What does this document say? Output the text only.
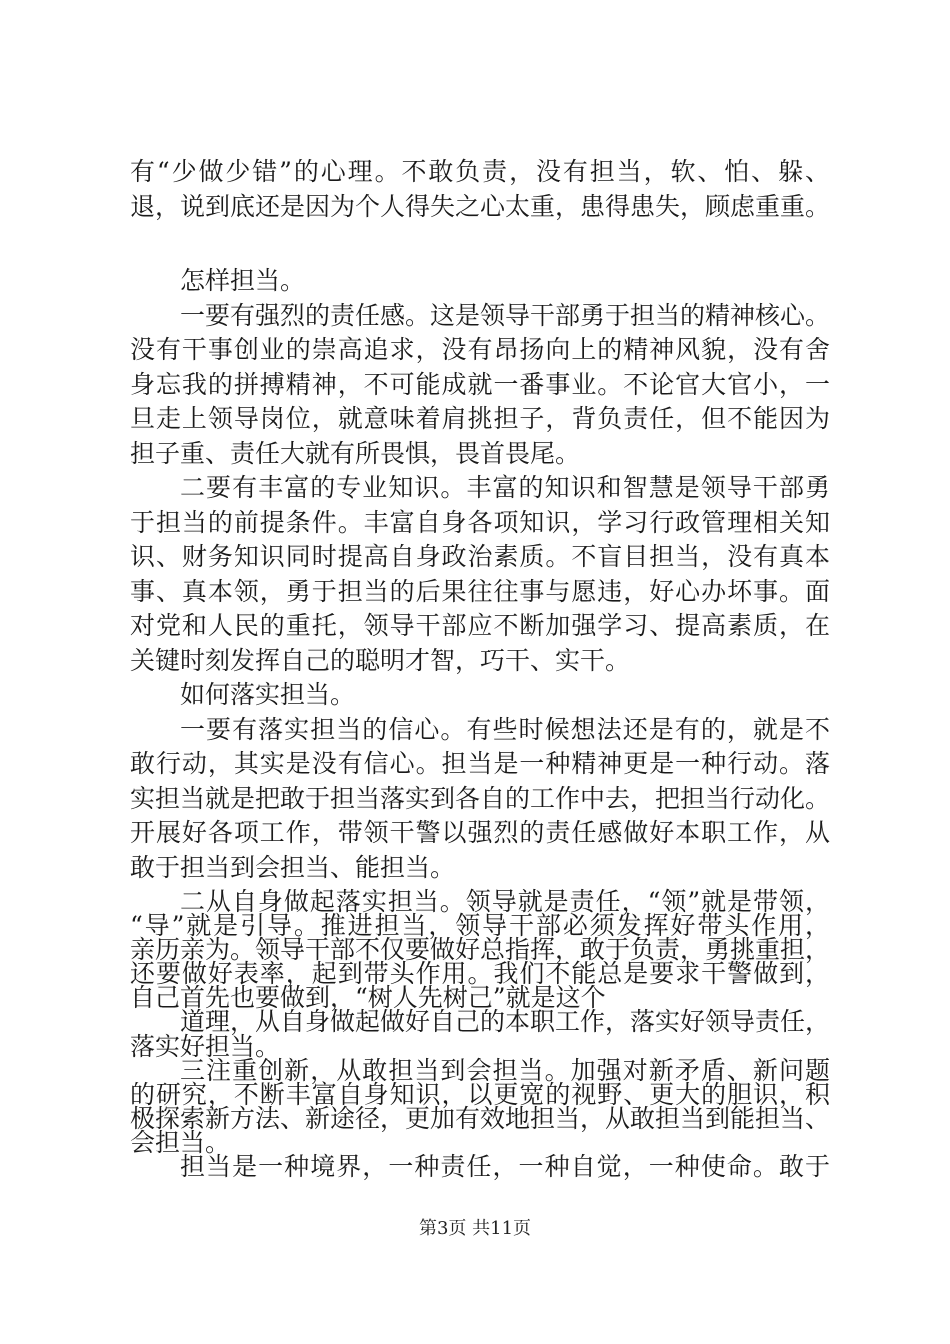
有“少做少错”的心理。不敢负责，没有担当，软、怕、躲、
退，说到底还是因为个人得失之心太重，患得患失，顾虑重重。
怎样担当。
一要有强烈的责任感。这是领导干部勇于担当的精神核心。
没有干事创业的崇高追求，没有昂扬向上的精神风貌，没有舍
身忘我的拼搏精神，不可能成就一番事业。不论官大官小，一
旦走上领导岗位，就意味着肩挑担子，背负责任，但不能因为
担子重、责任大就有所畏惧，畏首畏尾。
二要有丰富的专业知识。丰富的知识和智慧是领导干部勇
于担当的前提条件。丰富自身各项知识，学习行政管理相关知
识、财务知识同时提高自身政治素质。不盲目担当，没有真本
事、真本领，勇于担当的后果往往事与愿违，好心办坏事。面
对党和人民的重托，领导干部应不断加强学习、提高素质，在
关键时刻发挥自己的聪明才智，巧干、实干。
如何落实担当。
一要有落实担当的信心。有些时候想法还是有的，就是不
敢行动，其实是没有信心。担当是一种精神更是一种行动。落
实担当就是把敢于担当落实到各自的工作中去，把担当行动化。
开展好各项工作，带领干警以强烈的责任感做好本职工作，从
敢于担当到会担当、能担当。
二从自身做起落实担当。领导就是责任，“领”就是带领，
“导”就是引导。推进担当，领导干部必须发挥好带头作用，
亲历亲为。领导干部不仅要做好总指挥，敢于负责，勇挑重担，
还要做好表率，起到带头作用。我们不能总是要求干警做到，
自己首先也要做到，“树人先树己”就是这个
道理，从自身做起做好自己的本职工作，落实好领导责任，
落实好担当。
三注重创新，从敢担当到会担当。加强对新矛盾、新问题
的研究，不断丰富自身知识，以更宽的视野、更大的胆识，积
极探索新方法、新途径，更加有效地担当，从敢担当到能担当、
会担当。
担当是一种境界，一种责任，一种自觉，一种使命。敢于
第3页 共11页
